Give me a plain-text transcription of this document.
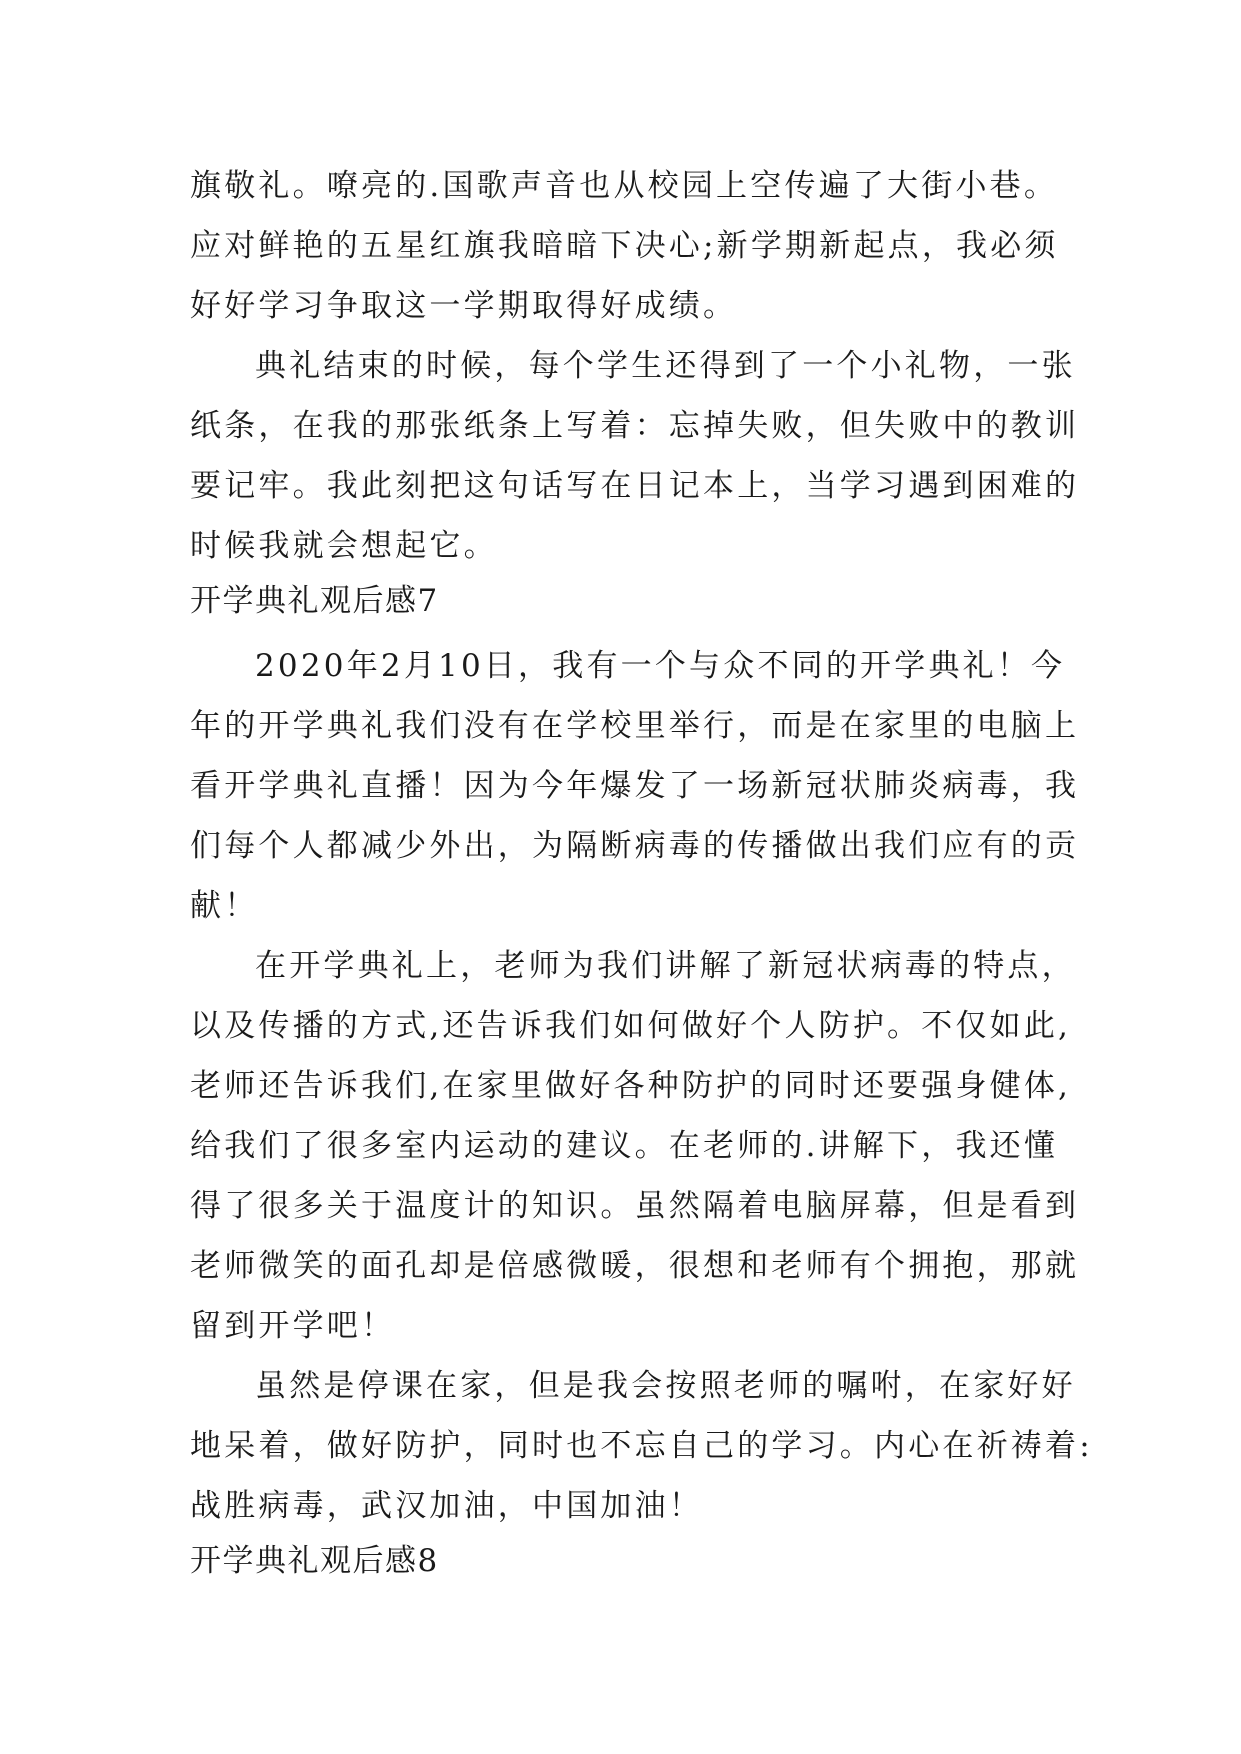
旗敬礼。嘹亮的.国歌声音也从校园上空传遍了大街小巷。

应对鲜艳的五星红旗我暗暗下决心;新学期新起点，我必须

好好学习争取这一学期取得好成绩。

典礼结束的时候，每个学生还得到了一个小礼物，一张

纸条，在我的那张纸条上写着：忘掉失败，但失败中的教训

要记牢。我此刻把这句话写在日记本上，当学习遇到困难的

时候我就会想起它。

开学典礼观后感7

2020年2月10日，我有一个与众不同的开学典礼！今

年的开学典礼我们没有在学校里举行，而是在家里的电脑上

看开学典礼直播！因为今年爆发了一场新冠状肺炎病毒，我

们每个人都减少外出，为隔断病毒的传播做出我们应有的贡

献！

在开学典礼上，老师为我们讲解了新冠状病毒的特点，

以及传播的方式,还告诉我们如何做好个人防护。不仅如此,

老师还告诉我们,在家里做好各种防护的同时还要强身健体,

给我们了很多室内运动的建议。在老师的.讲解下，我还懂

得了很多关于温度计的知识。虽然隔着电脑屏幕，但是看到

老师微笑的面孔却是倍感微暖，很想和老师有个拥抱，那就

留到开学吧！

虽然是停课在家，但是我会按照老师的嘱咐，在家好好

地呆着，做好防护，同时也不忘自己的学习。内心在祈祷着:

战胜病毒，武汉加油，中国加油！

开学典礼观后感8
